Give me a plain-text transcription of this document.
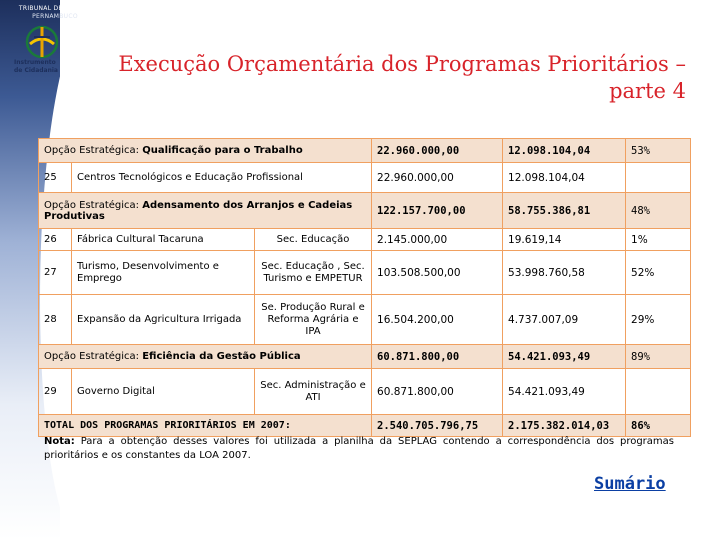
TRIBUNAL DE CONTAS
PERNAMBUCO
Instrumento
de Cidadania	Execução Orçamentária dos Programas Prioritários – parte 4
Opção Estratégica: Qualificação para o Trabalho			22.960.000,00	12.098.104,04	53%
25	Centros Tecnológicos e Educação Profissional		22.960.000,00	12.098.104,04	
Opção Estratégica: Adensamento dos Arranjos e Cadeias Produtivas			122.157.700,00	58.755.386,81	48%
26	Fábrica Cultural Tacaruna	Sec. Educação	2.145.000,00	19.619,14	1%
27	Turismo, Desenvolvimento e Emprego	Sec. Educação , Sec. Turismo e EMPETUR	103.508.500,00	53.998.760,58	52%
28	Expansão da Agricultura Irrigada	Se. Produção Rural e Reforma Agrária e IPA	16.504.200,00	4.737.007,09	29%
Opção Estratégica: Eficiência da Gestão Pública			60.871.800,00	54.421.093,49	89%
29	Governo Digital	Sec. Administração e ATI	60.871.800,00	54.421.093,49	
TOTAL DOS PROGRAMAS PRIORITÁRIOS EM 2007:			2.540.705.796,75	2.175.382.014,03	86%

Nota: Para a obtenção desses valores foi utilizada a planilha da SEPLAG contendo a correspondência dos programas prioritários e os constantes da LOA 2007.

Sumário
